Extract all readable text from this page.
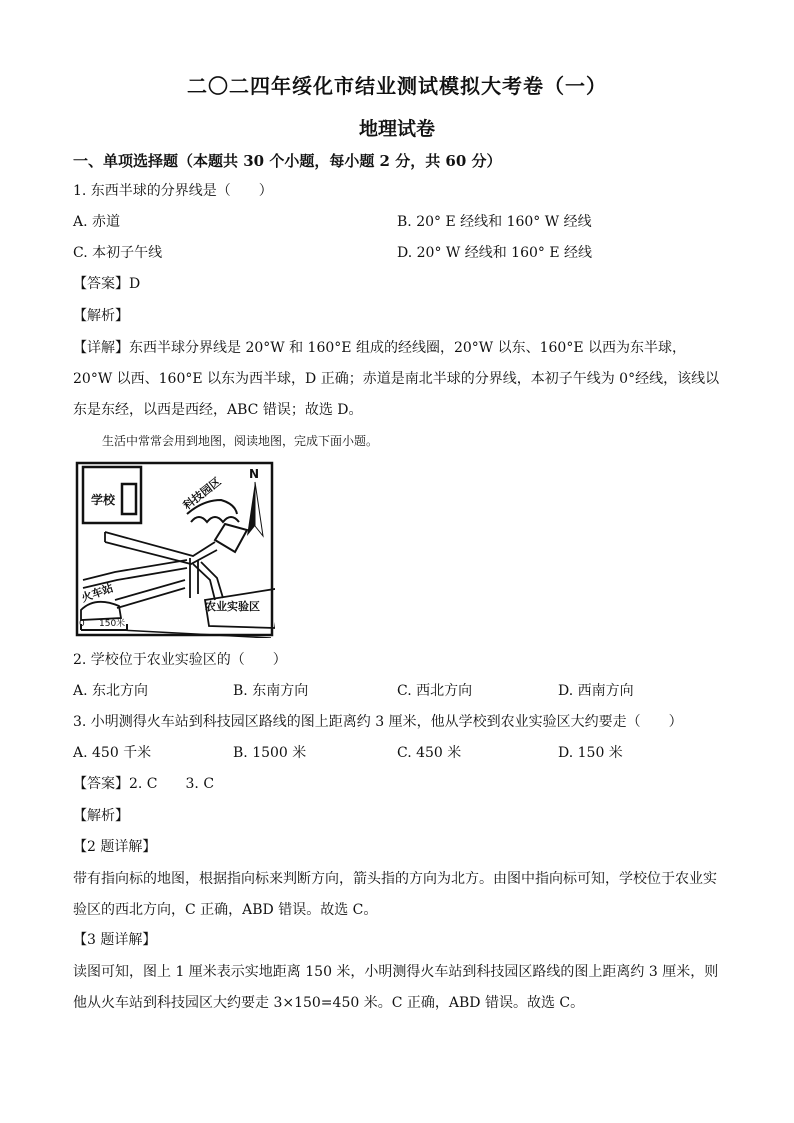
二〇二四年绥化市结业测试模拟大考卷（一）
地理试卷
一、单项选择题（本题共 30 个小题，每小题 2 分，共 60 分）
1. 东西半球的分界线是（　　）
A. 赤道	B. 20° E 经线和 160° W 经线
C. 本初子午线	D. 20° W 经线和 160° E 经线
【答案】D
【解析】
【详解】东西半球分界线是 20°W 和 160°E 组成的经线圈，20°W 以东、160°E 以西为东半球，20°W 以西、160°E 以东为西半球，D 正确；赤道是南北半球的分界线，本初子午线为 0°经线，该线以东是东经，以西是西经，ABC 错误；故选 D。
生活中常常会用到地图，阅读地图，完成下面小题。
学校
N
科技园区
农业实验区
火车站
0 150米
2. 学校位于农业实验区的（　　）
A. 东北方向	B. 东南方向	C. 西北方向	D. 西南方向
3. 小明测得火车站到科技园区路线的图上距离约 3 厘米，他从学校到农业实验区大约要走（　　）
A. 450 千米	B. 1500 米	C. 450 米	D. 150 米
【答案】2. C　　3. C
【解析】
【2 题详解】
带有指向标的地图，根据指向标来判断方向，箭头指的方向为北方。由图中指向标可知，学校位于农业实验区的西北方向，C 正确，ABD 错误。故选 C。
【3 题详解】
读图可知，图上 1 厘米表示实地距离 150 米，小明测得火车站到科技园区路线的图上距离约 3 厘米，则他从火车站到科技园区大约要走 3×150=450 米。C 正确，ABD 错误。故选 C。
